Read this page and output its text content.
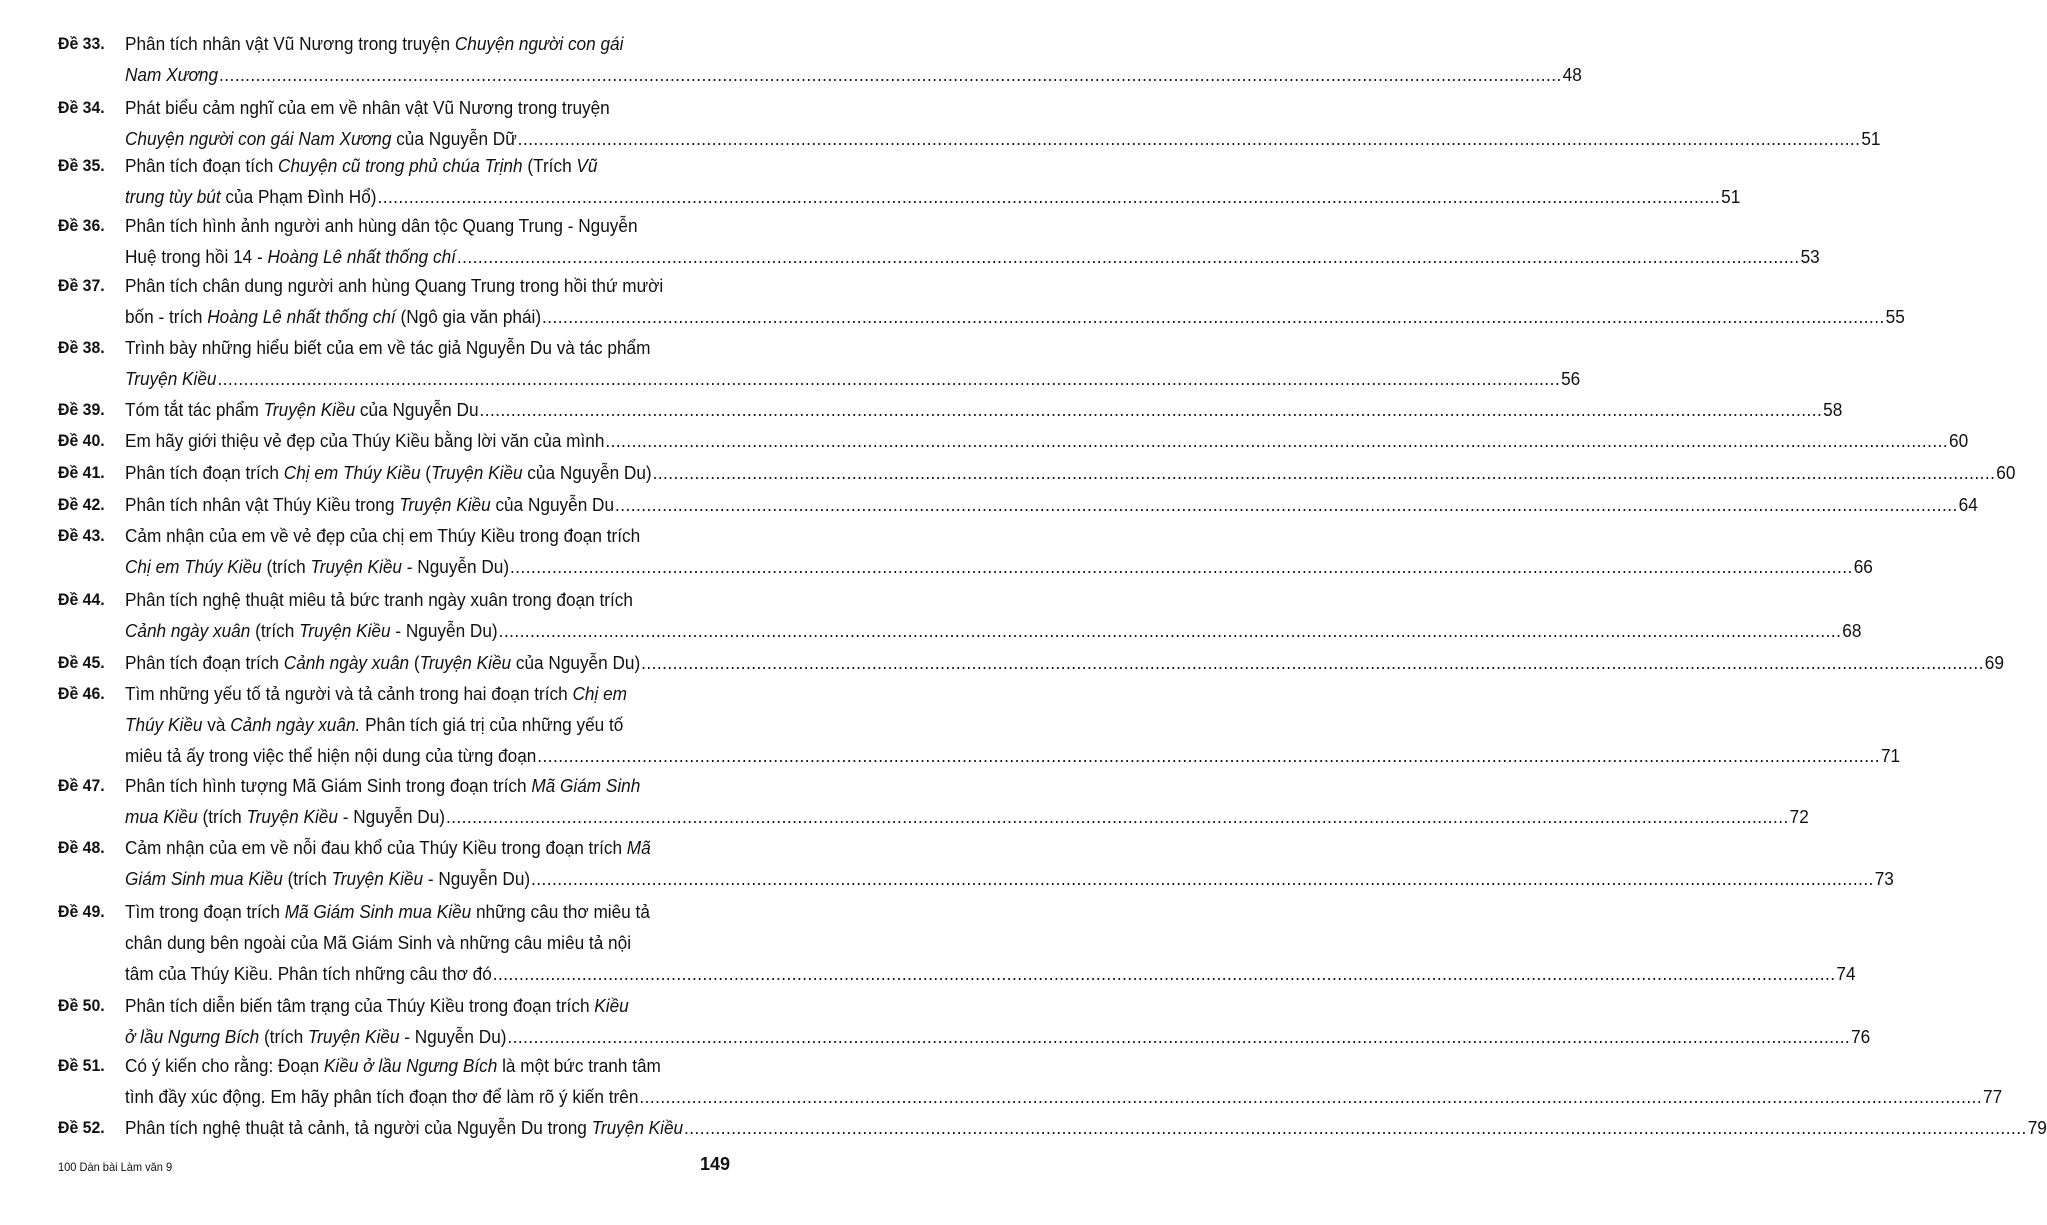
Đề 33. Phân tích nhân vật Vũ Nương trong truyện Chuyện người con gái
Nam Xương .....	48
Đề 34. Phát biểu cảm nghĩ của em về nhân vật Vũ Nương trong truyện
Chuyện người con gái Nam Xương của Nguyễn Dữ .....	51
Đề 35. Phân tích đoạn tích Chuyện cũ trong phủ chúa Trịnh (Trích Vũ
trung tùy bút của Phạm Đình Hổ) .....	51
Đề 36. Phân tích hình ảnh người anh hùng dân tộc Quang Trung - Nguyễn
Huệ trong hồi 14 - Hoàng Lê nhất thống chí .....	53
Đề 37. Phân tích chân dung người anh hùng Quang Trung trong hồi thứ mười
bốn - trích Hoàng Lê nhất thống chí (Ngô gia văn phái) .....	55
Đề 38. Trình bày những hiểu biết của em về tác giả Nguyễn Du và tác phẩm
Truyện Kiều .....	56
Đề 39. Tóm tắt tác phẩm Truyện Kiều của Nguyễn Du .....	58
Đề 40. Em hãy giới thiệu vẻ đẹp của Thúy Kiều bằng lời văn của mình .....	60
Đề 41. Phân tích đoạn trích Chị em Thúy Kiều (Truyện Kiều của Nguyễn Du) .....	60
Đề 42. Phân tích nhân vật Thúy Kiều trong Truyện Kiều của Nguyễn Du .....	64
Đề 43. Cảm nhận của em về vẻ đẹp của chị em Thúy Kiều trong đoạn trích
Chị em Thúy Kiều (trích Truyện Kiều - Nguyễn Du) .....	66
Đề 44. Phân tích nghệ thuật miêu tả bức tranh ngày xuân trong đoạn trích
Cảnh ngày xuân (trích Truyện Kiều - Nguyễn Du) .....	68
Đề 45. Phân tích đoạn trích Cảnh ngày xuân (Truyện Kiều của Nguyễn Du) .....	69
Đề 46. Tìm những yếu tố tả người và tả cảnh trong hai đoạn trích Chị em
Thúy Kiều và Cảnh ngày xuân. Phân tích giá trị của những yếu tố
miêu tả ấy trong việc thể hiện nội dung của từng đoạn .....	71
Đề 47. Phân tích hình tượng Mã Giám Sinh trong đoạn trích Mã Giám Sinh
mua Kiều (trích Truyện Kiều - Nguyễn Du) .....	72
Đề 48. Cảm nhận của em về nỗi đau khổ của Thúy Kiều trong đoạn trích Mã
Giám Sinh mua Kiều (trích Truyện Kiều - Nguyễn Du) .....	73
Đề 49. Tìm trong đoạn trích Mã Giám Sinh mua Kiều những câu thơ miêu tả
chân dung bên ngoài của Mã Giám Sinh và những câu miêu tả nội
tâm của Thúy Kiều. Phân tích những câu thơ đó .....	74
Đề 50. Phân tích diễn biến tâm trạng của Thúy Kiều trong đoạn trích Kiều
ở lầu Ngưng Bích (trích Truyện Kiều - Nguyễn Du) .....	76
Đề 51. Có ý kiến cho rằng: Đoạn Kiều ở lầu Ngưng Bích là một bức tranh tâm
tình đầy xúc động. Em hãy phân tích đoạn thơ để làm rõ ý kiến trên .....	77
Đề 52. Phân tích nghệ thuật tả cảnh, tả người của Nguyễn Du trong Truyện Kiều .....	79
100 Dàn bài Làm văn 9	149
